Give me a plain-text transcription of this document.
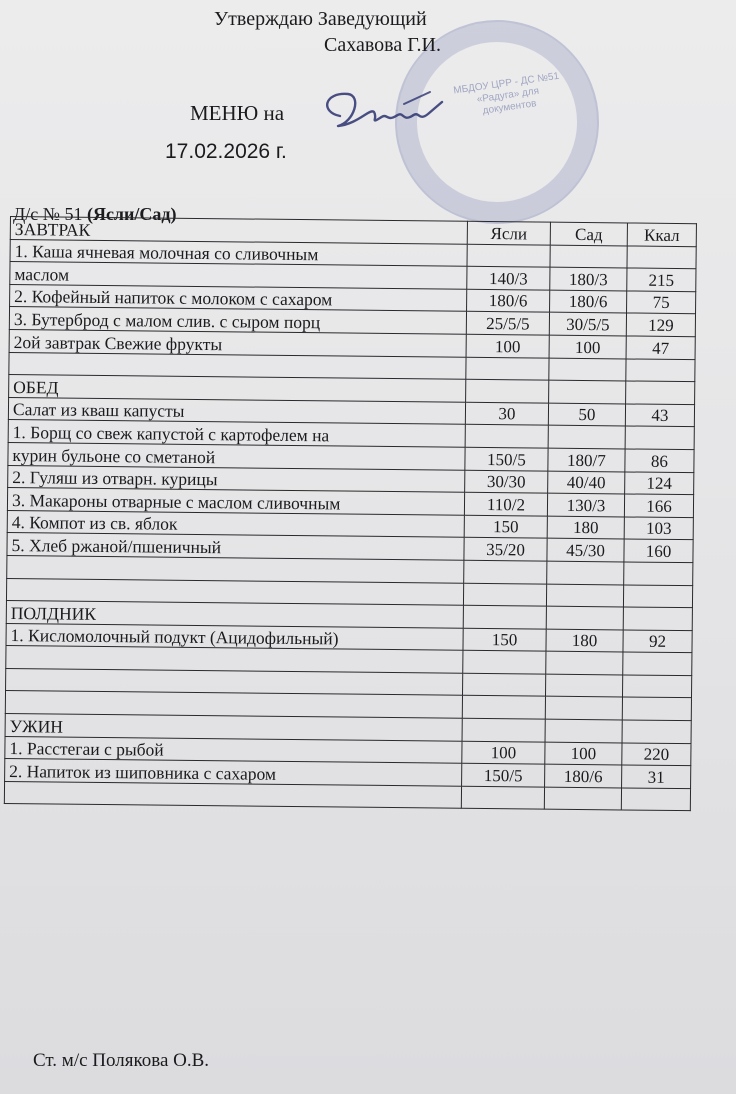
МБДОУ ЦРР - ДС №51 «Радуга» для документов
Утверждаю Заведующий
Сахавова Г.И.
МЕНЮ на
17.02.2026 г.
Д/с № 51 (Ясли/Сад)
ЗАВТРАК	Ясли	Сад	Ккал
1. Каша ячневая молочная со сливочным			
маслом	140/3	180/3	215
2. Кофейный напиток с молоком с сахаром	180/6	180/6	75
3. Бутерброд с малом слив. с сыром порц	25/5/5	30/5/5	129
2ой завтрак Свежие фрукты	100	100	47

ОБЕД			
Салат из кваш капусты	30	50	43
1. Борщ со свеж капустой с картофелем на			
курин бульоне со сметаной	150/5	180/7	86
2. Гуляш из отварн. курицы	30/30	40/40	124
3. Макароны отварные с маслом сливочным	110/2	130/3	166
4. Компот из св. яблок	150	180	103
5. Хлеб ржаной/пшеничный	35/20	45/30	160

ПОЛДНИК			
1. Кисломолочный подукт (Ацидофильный)	150	180	92

УЖИН			
1. Расстегаи с рыбой	100	100	220
2. Напиток из шиповника с сахаром	150/5	180/6	31

Ст. м/с Полякова О.В.
